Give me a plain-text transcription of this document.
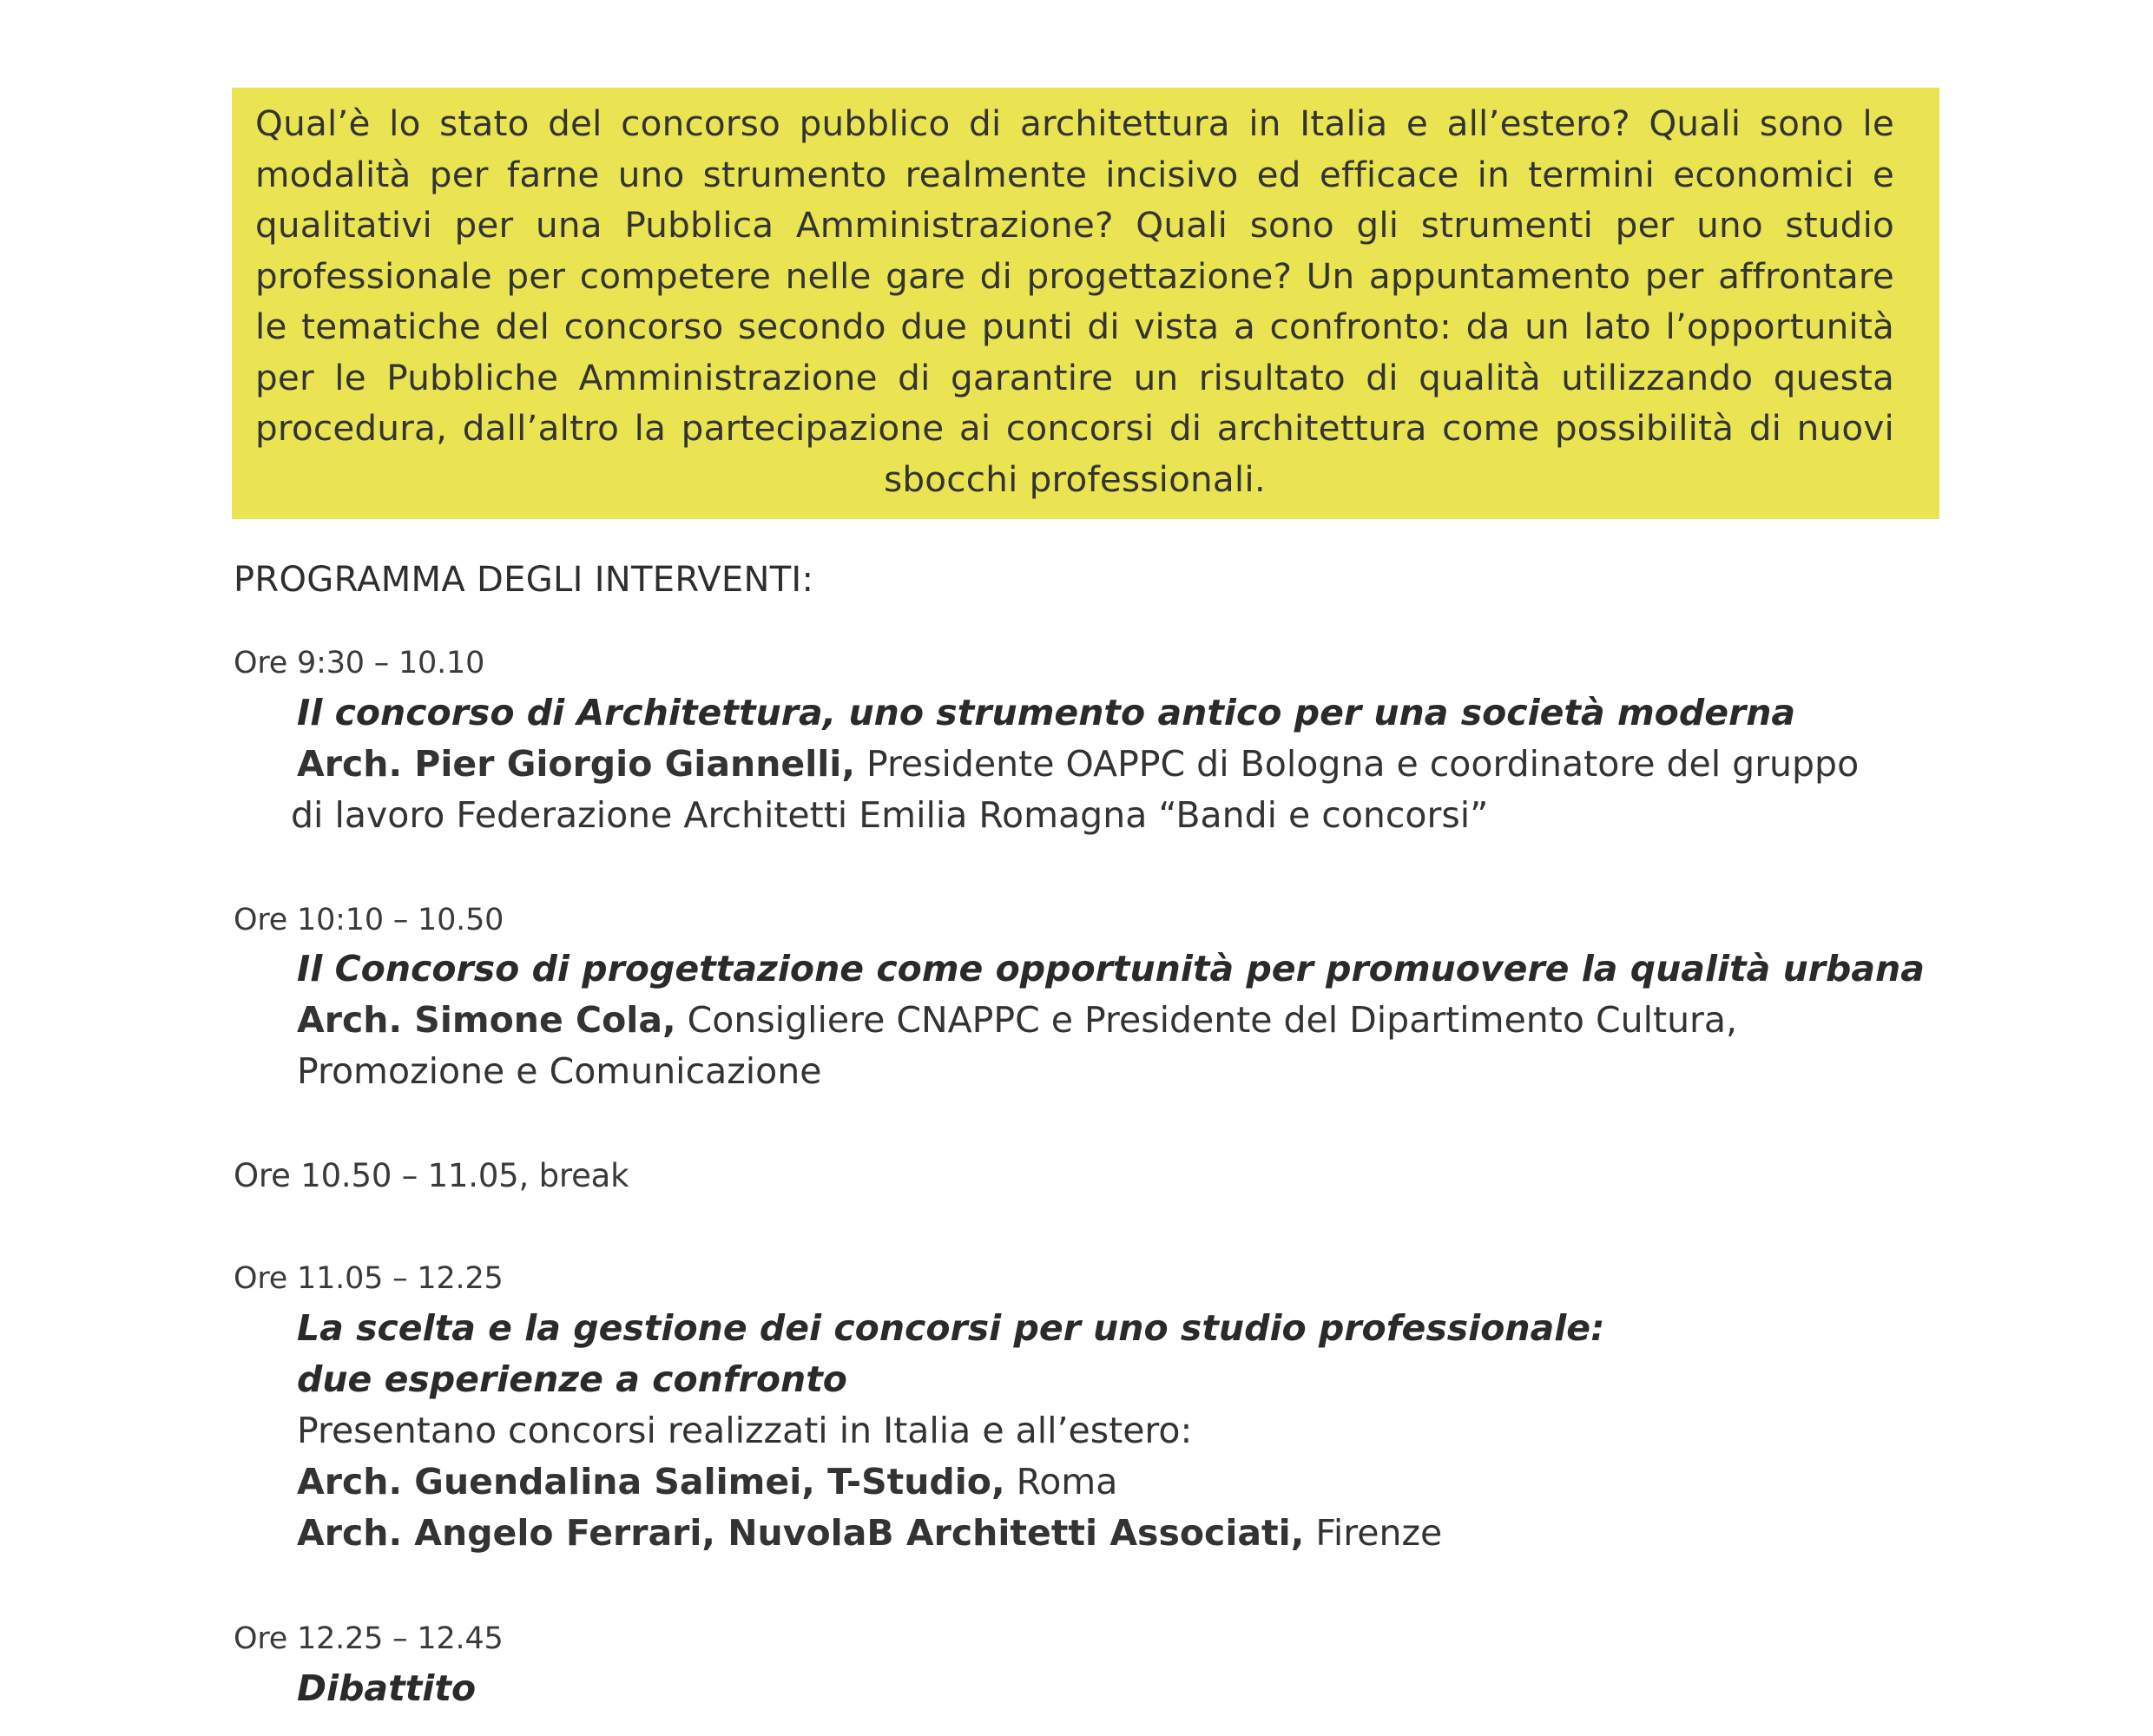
Qual’è lo stato del concorso pubblico di architettura in Italia e all’estero? Quali sono le modalità per farne uno strumento realmente incisivo ed efficace in termini economici e qualitativi per una Pubblica Amministrazione? Quali sono gli strumenti per uno studio professionale per competere nelle gare di progettazione? Un appuntamento per affrontare le tematiche del concorso secondo due punti di vista a confronto: da un lato l’opportunità per le Pubbliche Amministrazione di garantire un risultato di qualità utilizzando questa procedura, dall’altro la partecipazione ai concorsi di architettura come possibilità di nuovi sbocchi professionali.

PROGRAMMA DEGLI INTERVENTI:
Ore 9:30 – 10.10
Il concorso di Architettura, uno strumento antico per una società moderna
Arch. Pier Giorgio Giannelli, Presidente OAPPC di Bologna e coordinatore del gruppo
di lavoro Federazione Architetti Emilia Romagna “Bandi e concorsi”
Ore 10:10 – 10.50
Il Concorso di progettazione come opportunità per promuovere la qualità urbana
Arch. Simone Cola, Consigliere CNAPPC e Presidente del Dipartimento Cultura,
Promozione e Comunicazione
Ore 10.50 – 11.05, break
Ore 11.05 – 12.25
La scelta e la gestione dei concorsi per uno studio professionale:
due esperienze a confronto
Presentano concorsi realizzati in Italia e all’estero:
Arch. Guendalina Salimei, T-Studio, Roma
Arch. Angelo Ferrari, NuvolaB Architetti Associati, Firenze
Ore 12.25 – 12.45
Dibattito
